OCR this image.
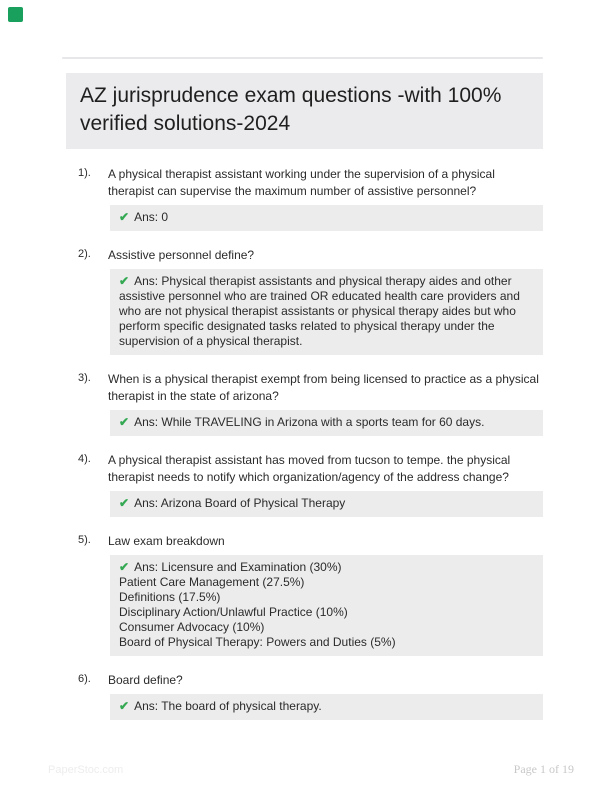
AZ jurisprudence exam questions -with 100% verified solutions-2024
1).	A physical therapist assistant working under the supervision of a physical therapist can supervise the maximum number of assistive personnel?
✔ Ans: 0
2).	Assistive personnel define?
✔ Ans: Physical therapist assistants and physical therapy aides and other assistive personnel who are trained OR educated health care providers and who are not physical therapist assistants or physical therapy aides but who perform specific designated tasks related to physical therapy under the supervision of a physical therapist.
3).	When is a physical therapist exempt from being licensed to practice as a physical therapist in the state of arizona?
✔ Ans: While TRAVELING in Arizona with a sports team for 60 days.
4).	A physical therapist assistant has moved from tucson to tempe. the physical therapist needs to notify which organization/agency of the address change?
✔ Ans: Arizona Board of Physical Therapy
5).	Law exam breakdown
✔ Ans: Licensure and Examination (30%)
Patient Care Management (27.5%)
Definitions (17.5%)
Disciplinary Action/Unlawful Practice (10%)
Consumer Advocacy (10%)
Board of Physical Therapy: Powers and Duties (5%)
6).	Board define?
✔ Ans: The board of physical therapy.
PaperStoc.com	Page 1 of 19
